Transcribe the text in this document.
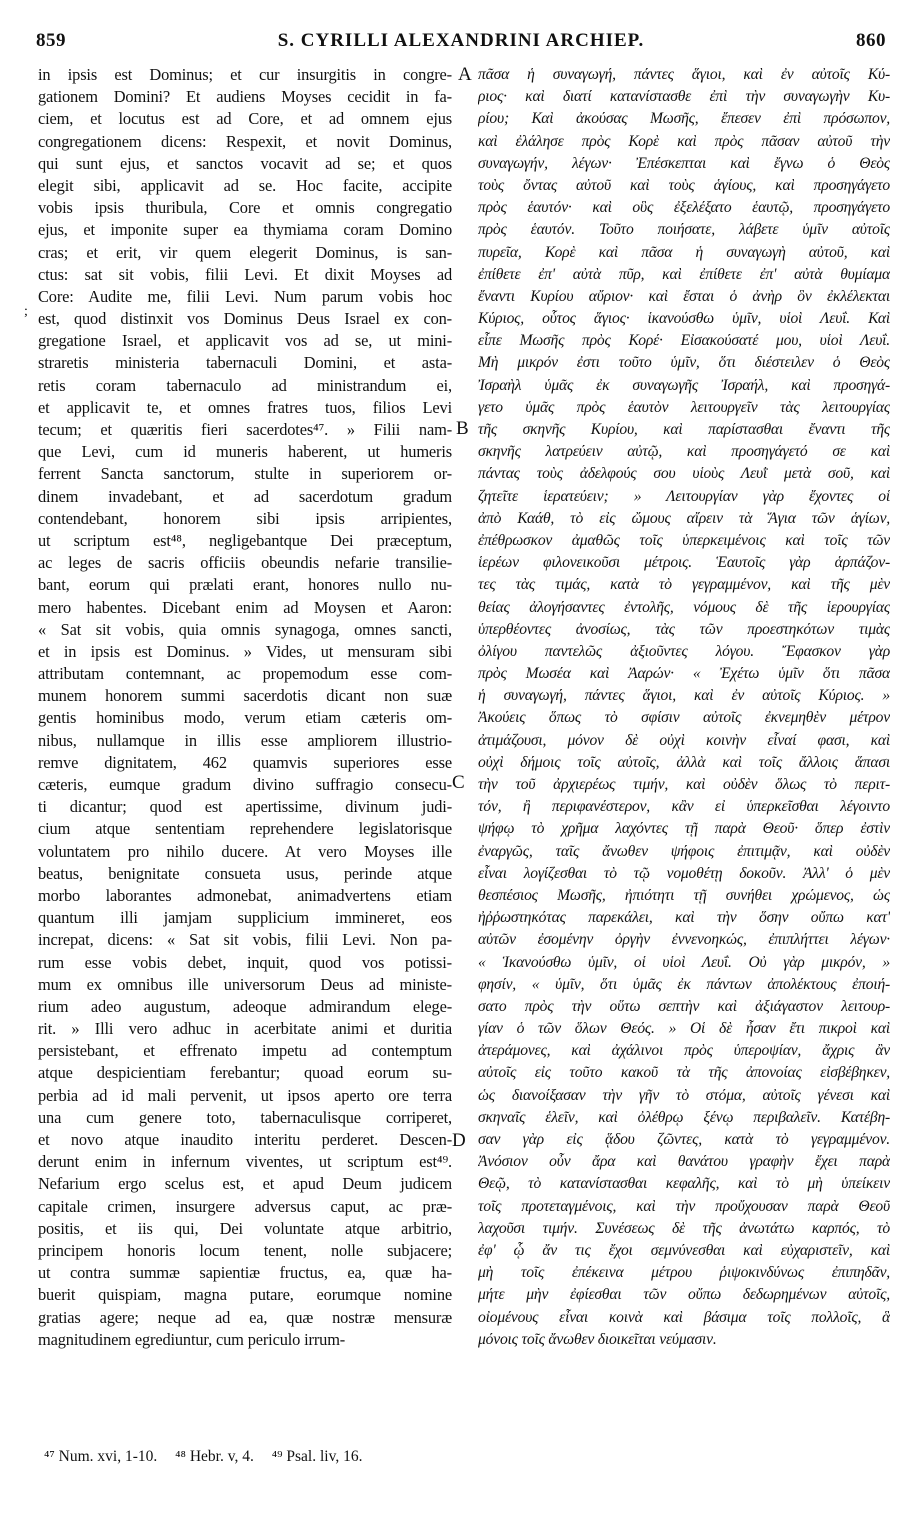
859	S. CYRILLI ALEXANDRINI ARCHIEP.	860
;
in ipsis est Dominus; et cur insurgitis in congre-
gationem Domini? Et audiens Moyses cecidit in fa-
ciem, et locutus est ad Core, et ad omnem ejus
congregationem dicens: Respexit, et novit Dominus,
qui sunt ejus, et sanctos vocavit ad se; et quos
elegit sibi, applicavit ad se. Hoc facite, accipite
vobis ipsis thuribula, Core et omnis congregatio
ejus, et imponite super ea thymiama coram Domino
cras; et erit, vir quem elegerit Dominus, is san-
ctus: sat sit vobis, filii Levi. Et dixit Moyses ad
Core: Audite me, filii Levi. Num parum vobis hoc
est, quod distinxit vos Dominus Deus Israel ex con-
gregatione Israel, et applicavit vos ad se, ut mini-
straretis ministeria tabernaculi Domini, et asta-
retis coram tabernaculo ad ministrandum ei,
et applicavit te, et omnes fratres tuos, filios Levi
tecum; et quæritis fieri sacerdotes⁴⁷. » Filii nam-
que Levi, cum id muneris haberent, ut humeris
ferrent Sancta sanctorum, stulte in superiorem or-
dinem invadebant, et ad sacerdotum gradum
contendebant, honorem sibi ipsis arripientes,
ut scriptum est⁴⁸, negligebantque Dei præceptum,
ac leges de sacris officiis obeundis nefarie transilie-
bant, eorum qui prælati erant, honores nullo nu-
mero habentes. Dicebant enim ad Moysen et Aaron:
« Sat sit vobis, quia omnis synagoga, omnes sancti,
et in ipsis est Dominus. » Vides, ut mensuram sibi
attributam contemnant, ac propemodum esse com-
munem honorem summi sacerdotis dicant non suæ
gentis hominibus modo, verum etiam cæteris om-
nibus, nullamque in illis esse ampliorem illustrio-
remve dignitatem, 462 quamvis superiores esse
cæteris, eumque gradum divino suffragio consecu-
ti dicantur; quod est apertissime, divinum judi-
cium atque sententiam reprehendere legislatorisque
voluntatem pro nihilo ducere. At vero Moyses ille
beatus, benignitate consueta usus, perinde atque
morbo laborantes admonebat, animadvertens etiam
quantum illi jamjam supplicium immineret, eos
increpat, dicens: « Sat sit vobis, filii Levi. Non pa-
rum esse vobis debet, inquit, quod vos potissi-
mum ex omnibus ille universorum Deus ad ministe-
rium adeo augustum, adeoque admirandum elege-
rit. » Illi vero adhuc in acerbitate animi et duritia
persistebant, et effrenato impetu ad contemptum
atque despicientiam ferebantur; quoad eorum su-
perbia ad id mali pervenit, ut ipsos aperto ore terra
una cum genere toto, tabernaculisque corriperet,
et novo atque inaudito interitu perderet. Descen-
derunt enim in infernum viventes, ut scriptum est⁴⁹.
Nefarium ergo scelus est, et apud Deum judicem
capitale crimen, insurgere adversus caput, ac præ-
positis, et iis qui, Dei voluntate atque arbitrio,
principem honoris locum tenent, nolle subjacere;
ut contra summæ sapientiæ fructus, ea, quæ ha-
buerit quispiam, magna putare, eorumque nomine
gratias agere; neque ad ea, quæ nostræ mensuræ
magnitudinem egrediuntur, cum periculo irrum-
A
B
C
D
πᾶσα ἡ συναγωγή, πάντες ἅγιοι, καὶ ἐν αὐτοῖς Κύ-
ριος· καὶ διατί κατανίστασθε ἐπὶ τὴν συναγωγὴν Κυ-
ρίου; Καὶ ἀκούσας Μωσῆς, ἔπεσεν ἐπὶ πρόσωπον,
καὶ ἐλάλησε πρὸς Κορὲ καὶ πρὸς πᾶσαν αὐτοῦ τὴν
συναγωγήν, λέγων· Ἐπέσκεπται καὶ ἔγνω ὁ Θεὸς
τοὺς ὄντας αὐτοῦ καὶ τοὺς ἁγίους, καὶ προσηγάγετο
πρὸς ἑαυτόν· καὶ οὓς ἐξελέξατο ἑαυτῷ, προσηγάγετο
πρὸς ἑαυτόν. Τοῦτο ποιήσατε, λάβετε ὑμῖν αὐτοῖς
πυρεῖα, Κορὲ καὶ πᾶσα ἡ συναγωγὴ αὐτοῦ, καὶ
ἐπίθετε ἐπ' αὐτὰ πῦρ, καὶ ἐπίθετε ἐπ' αὐτὰ θυμίαμα
ἔναντι Κυρίου αὔριον· καὶ ἔσται ὁ ἀνὴρ ὃν ἐκλέλεκται
Κύριος, οὗτος ἅγιος· ἱκανούσθω ὑμῖν, υἱοὶ Λευΐ. Καὶ
εἶπε Μωσῆς πρὸς Κορέ· Εἰσακούσατέ μου, υἱοὶ Λευΐ.
Μὴ μικρόν ἐστι τοῦτο ὑμῖν, ὅτι διέστειλεν ὁ Θεὸς
Ἰσραὴλ ὑμᾶς ἐκ συναγωγῆς Ἰσραήλ, καὶ προσηγά-
γετο ὑμᾶς πρὸς ἑαυτὸν λειτουργεῖν τὰς λειτουργίας
τῆς σκηνῆς Κυρίου, καὶ παρίστασθαι ἔναντι τῆς
σκηνῆς λατρεύειν αὐτῷ, καὶ προσηγάγετό σε καὶ
πάντας τοὺς ἀδελφούς σου υἱοὺς Λευῒ μετὰ σοῦ, καὶ
ζητεῖτε ἱερατεύειν; » Λειτουργίαν γὰρ ἔχοντες οἱ
ἀπὸ Καάθ, τὸ εἰς ὤμους αἴρειν τὰ Ἅγια τῶν ἁγίων,
ἐπέθρωσκον ἀμαθῶς τοῖς ὑπερκειμένοις καὶ τοῖς τῶν
ἱερέων φιλονεικοῦσι μέτροις. Ἑαυτοῖς γὰρ ἁρπάζον-
τες τὰς τιμάς, κατὰ τὸ γεγραμμένον, καὶ τῆς μὲν
θείας ἀλογήσαντες ἐντολῆς, νόμους δὲ τῆς ἱερουργίας
ὑπερθέοντες ἀνοσίως, τὰς τῶν προεστηκότων τιμὰς
ὀλίγου παντελῶς ἀξιοῦντες λόγου. Ἔφασκον γὰρ
πρὸς Μωσέα καὶ Ἀαρών· « Ἐχέτω ὑμῖν ὅτι πᾶσα
ἡ συναγωγή, πάντες ἅγιοι, καὶ ἐν αὐτοῖς Κύριος. »
Ἀκούεις ὅπως τὸ σφίσιν αὐτοῖς ἐκνεμηθὲν μέτρον
ἀτιμάζουσι, μόνον δὲ οὐχὶ κοινὴν εἶναί φασι, καὶ
οὐχὶ δήμοις τοῖς αὐτοῖς, ἀλλὰ καὶ τοῖς ἄλλοις ἅπασι
τὴν τοῦ ἀρχιερέως τιμήν, καὶ οὐδὲν ὅλως τὸ περιτ-
τόν, ἢ περιφανέστερον, κἂν εἰ ὑπερκεῖσθαι λέγοιντο
ψήφῳ τὸ χρῆμα λαχόντες τῇ παρὰ Θεοῦ· ὅπερ ἐστὶν
ἐναργῶς, ταῖς ἄνωθεν ψήφοις ἐπιτιμᾷν, καὶ οὐδὲν
εἶναι λογίζεσθαι τὸ τῷ νομοθέτῃ δοκοῦν. Ἀλλ' ὁ μὲν
θεσπέσιος Μωσῆς, ἠπιότητι τῇ συνήθει χρώμενος, ὡς
ἠῤῥωστηκότας παρεκάλει, καὶ τὴν ὅσην οὔπω κατ'
αὐτῶν ἐσομένην ὀργὴν ἐννενοηκώς, ἐπιπλήττει λέγων·
« Ἱκανούσθω ὑμῖν, οἱ υἱοὶ Λευΐ. Οὐ γὰρ μικρόν, »
φησίν, « ὑμῖν, ὅτι ὑμᾶς ἐκ πάντων ἀπολέκτους ἐποιή-
σατο πρὸς τὴν οὕτω σεπτὴν καὶ ἀξιάγαστον λειτουρ-
γίαν ὁ τῶν ὅλων Θεός. » Οἱ δὲ ἦσαν ἔτι πικροὶ καὶ
ἀτεράμονες, καὶ ἀχάλινοι πρὸς ὑπεροψίαν, ἄχρις ἂν
αὐτοῖς εἰς τοῦτο κακοῦ τὰ τῆς ἀπονοίας εἰσβέβηκεν,
ὡς διανοίξασαν τὴν γῆν τὸ στόμα, αὐτοῖς γένεσι καὶ
σκηναῖς ἑλεῖν, καὶ ὀλέθρῳ ξένῳ περιβαλεῖν. Κατέβη-
σαν γὰρ εἰς ᾅδου ζῶντες, κατὰ τὸ γεγραμμένον.
Ἀνόσιον οὖν ἄρα καὶ θανάτου γραφὴν ἔχει παρὰ
Θεῷ, τὸ κατανίστασθαι κεφαλῆς, καὶ τὸ μὴ ὑπείκειν
τοῖς προτεταγμένοις, καὶ τὴν προὔχουσαν παρὰ Θεοῦ
λαχοῦσι τιμήν. Συνέσεως δὲ τῆς ἀνωτάτω καρπός, τὸ
ἐφ' ᾧ ἄν τις ἔχοι σεμνύνεσθαι καὶ εὐχαριστεῖν, καὶ
μὴ τοῖς ἐπέκεινα μέτρου ῥιψοκινδύνως ἐπιπηδᾶν,
μήτε μὴν ἐφίεσθαι τῶν οὔπω δεδωρημένων αὐτοῖς,
οἰομένους εἶναι κοινὰ καὶ βάσιμα τοῖς πολλοῖς, ἃ
μόνοις τοῖς ἄνωθεν διοικεῖται νεύμασιν.
⁴⁷ Num. xvi, 1-10. ⁴⁸ Hebr. v, 4. ⁴⁹ Psal. liv, 16.
